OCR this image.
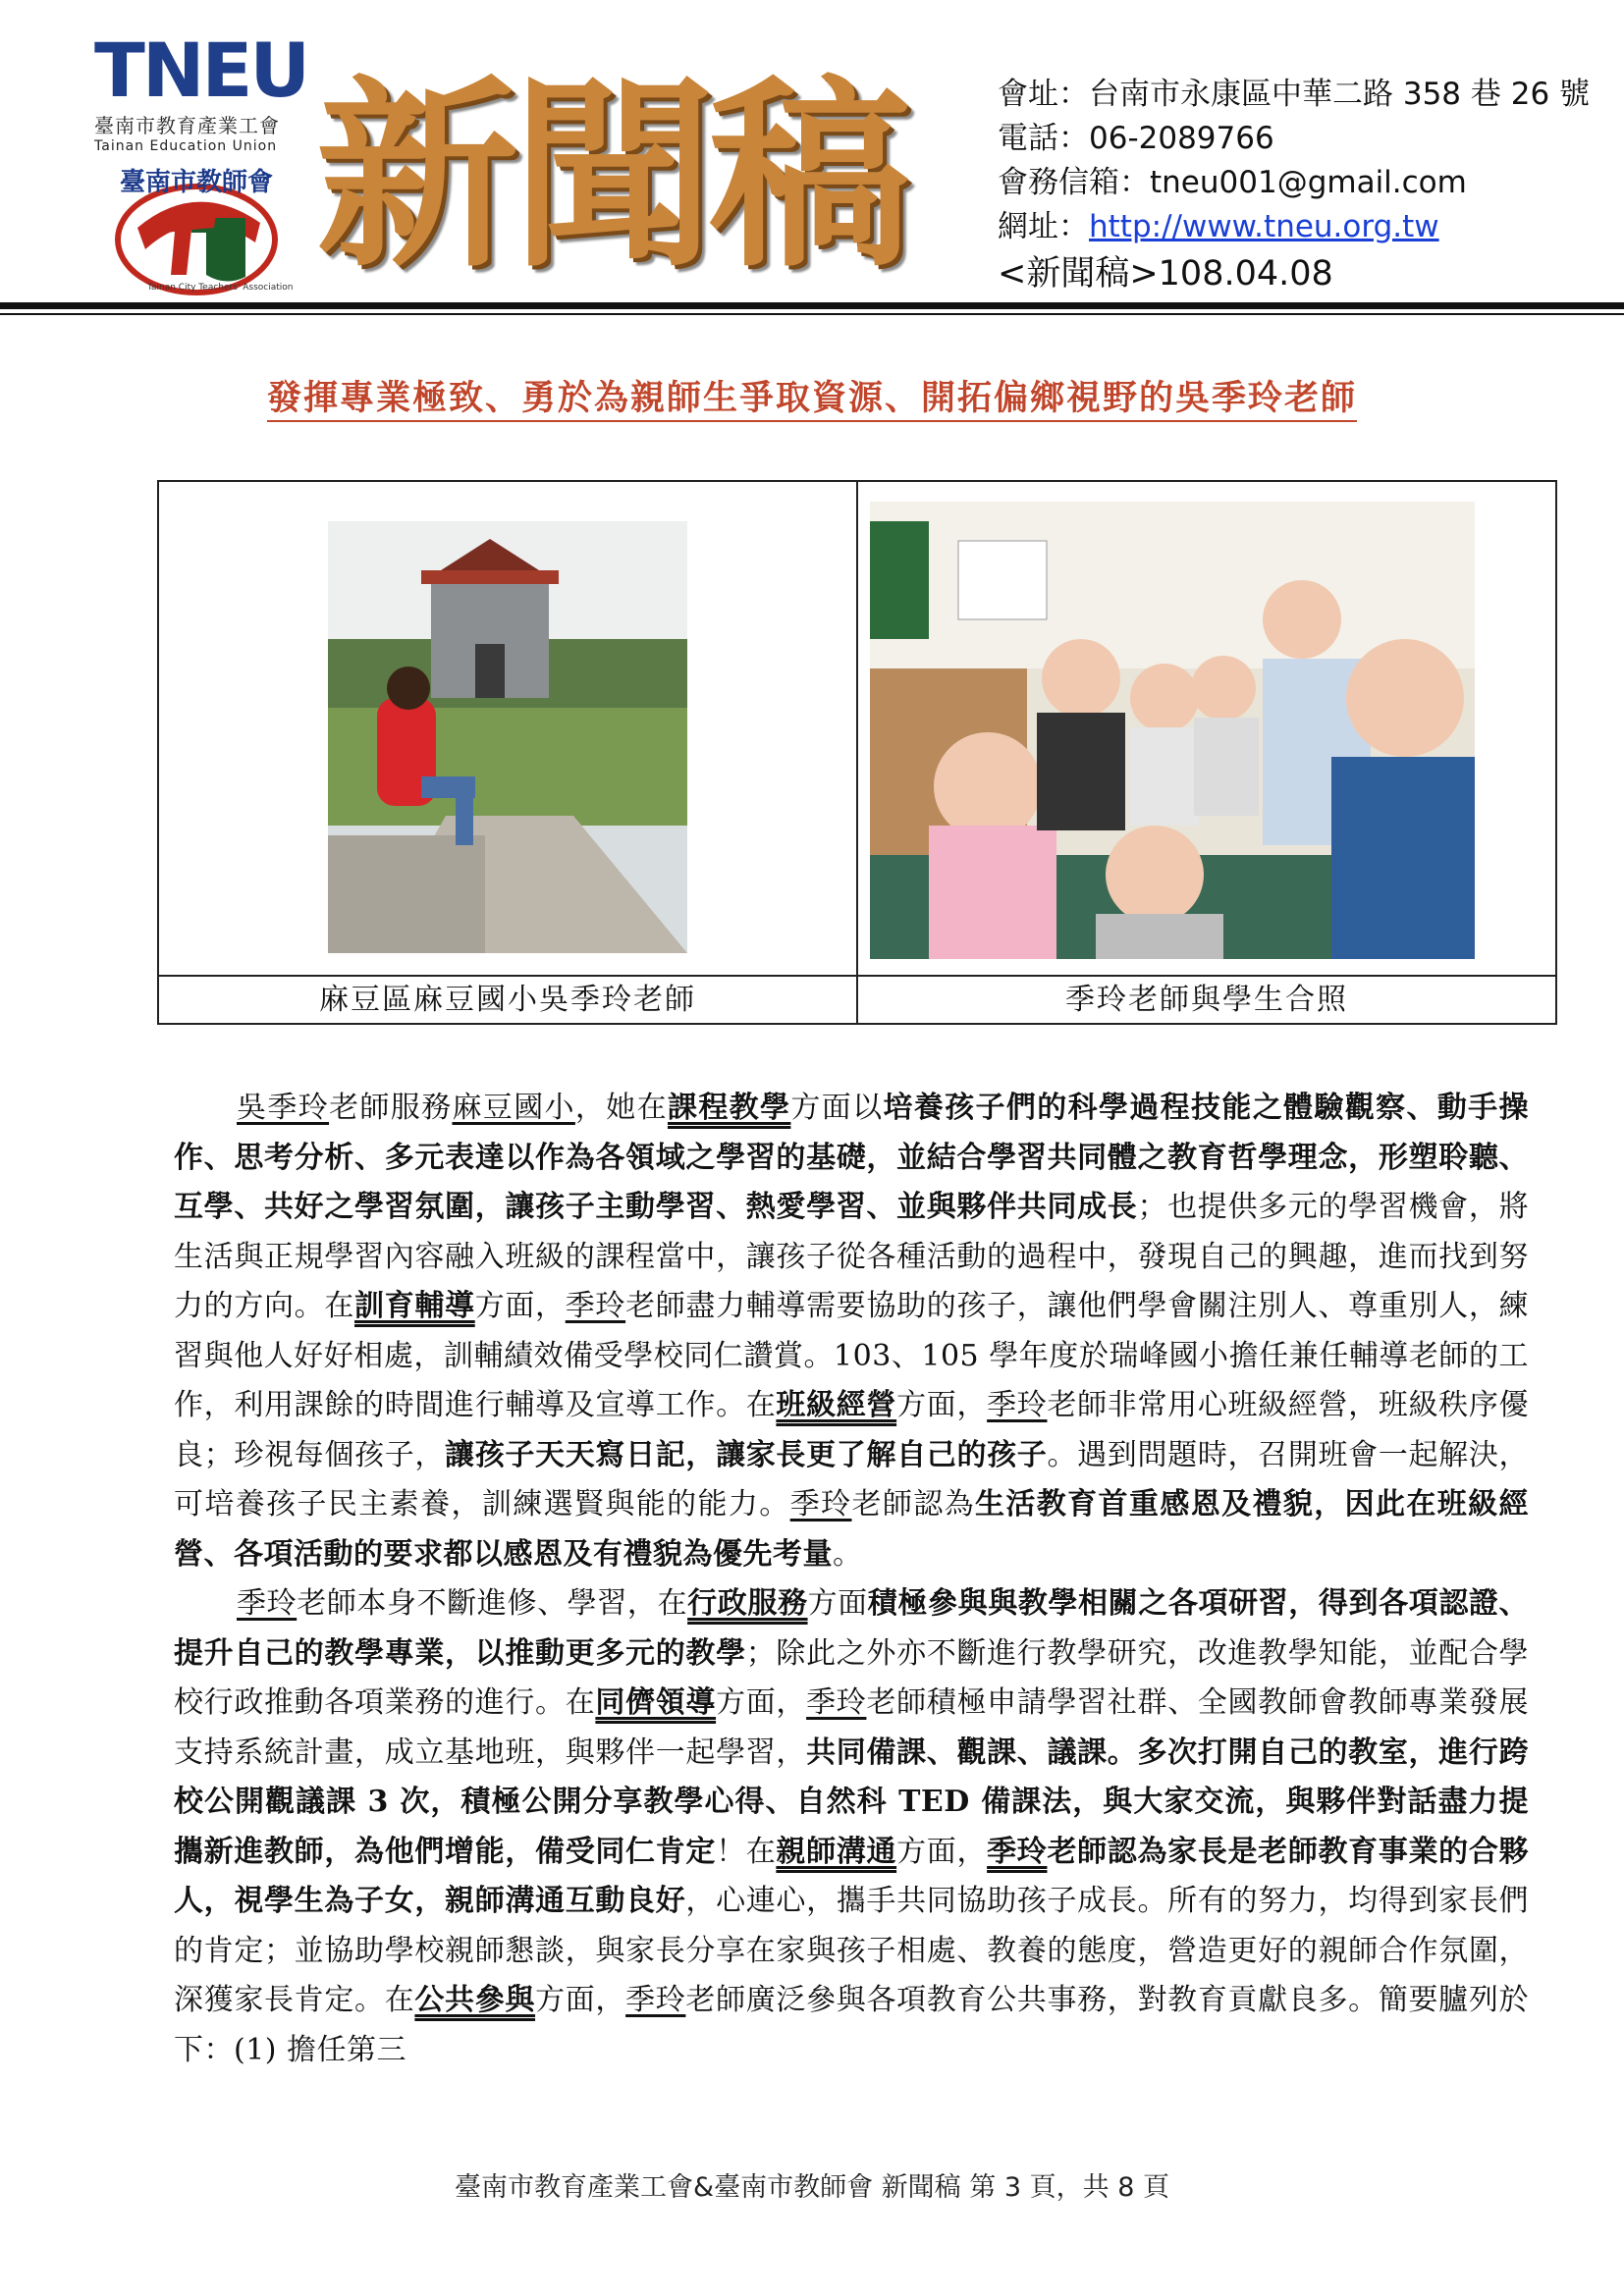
TNEU
臺南市教育產業工會
Tainan Education Union
臺南市教師會
Tainan City Teachers' Association 新聞稿	會址：台南市永康區中華二路 358 巷 26 號
電話：06-2089766
會務信箱：tneu001@gmail.com
網址：http://www.tneu.org.tw
<新聞稿>108.04.08
發揮專業極致、勇於為親師生爭取資源、開拓偏鄉視野的吳季玲老師
麻豆區麻豆國小吳季玲老師	季玲老師與學生合照

吳季玲老師服務麻豆國小，她在課程教學方面以培養孩子們的科學過程技能之體驗觀察、動手操作、思考分析、多元表達以作為各領域之學習的基礎，並結合學習共同體之教育哲學理念，形塑聆聽、互學、共好之學習氛圍，讓孩子主動學習、熱愛學習、並與夥伴共同成長；也提供多元的學習機會，將生活與正規學習內容融入班級的課程當中，讓孩子從各種活動的過程中，發現自己的興趣，進而找到努力的方向。在訓育輔導方面，季玲老師盡力輔導需要協助的孩子，讓他們學會關注別人、尊重別人，練習與他人好好相處，訓輔績效備受學校同仁讚賞。103、105 學年度於瑞峰國小擔任兼任輔導老師的工作，利用課餘的時間進行輔導及宣導工作。在班級經營方面，季玲老師非常用心班級經營，班級秩序優良；珍視每個孩子，讓孩子天天寫日記，讓家長更了解自己的孩子。遇到問題時，召開班會一起解決，可培養孩子民主素養，訓練選賢與能的能力。季玲老師認為生活教育首重感恩及禮貌，因此在班級經營、各項活動的要求都以感恩及有禮貌為優先考量。

季玲老師本身不斷進修、學習，在行政服務方面積極參與與教學相關之各項研習，得到各項認證、提升自己的教學專業，以推動更多元的教學；除此之外亦不斷進行教學研究，改進教學知能，並配合學校行政推動各項業務的進行。在同儕領導方面，季玲老師積極申請學習社群、全國教師會教師專業發展支持系統計畫，成立基地班，與夥伴一起學習，共同備課、觀課、議課。多次打開自己的教室，進行跨校公開觀議課 3 次，積極公開分享教學心得、自然科 TED 備課法，與大家交流，與夥伴對話盡力提攜新進教師，為他們增能，備受同仁肯定！在親師溝通方面，季玲老師認為家長是老師教育事業的合夥人，視學生為子女，親師溝通互動良好，心連心，攜手共同協助孩子成長。所有的努力，均得到家長們的肯定；並協助學校親師懇談，與家長分享在家與孩子相處、教養的態度，營造更好的親師合作氛圍，深獲家長肯定。在公共參與方面，季玲老師廣泛參與各項教育公共事務，對教育貢獻良多。簡要臚列於下：(1) 擔任第三

臺南市教育產業工會&臺南市教師會 新聞稿 第 3 頁，共 8 頁
